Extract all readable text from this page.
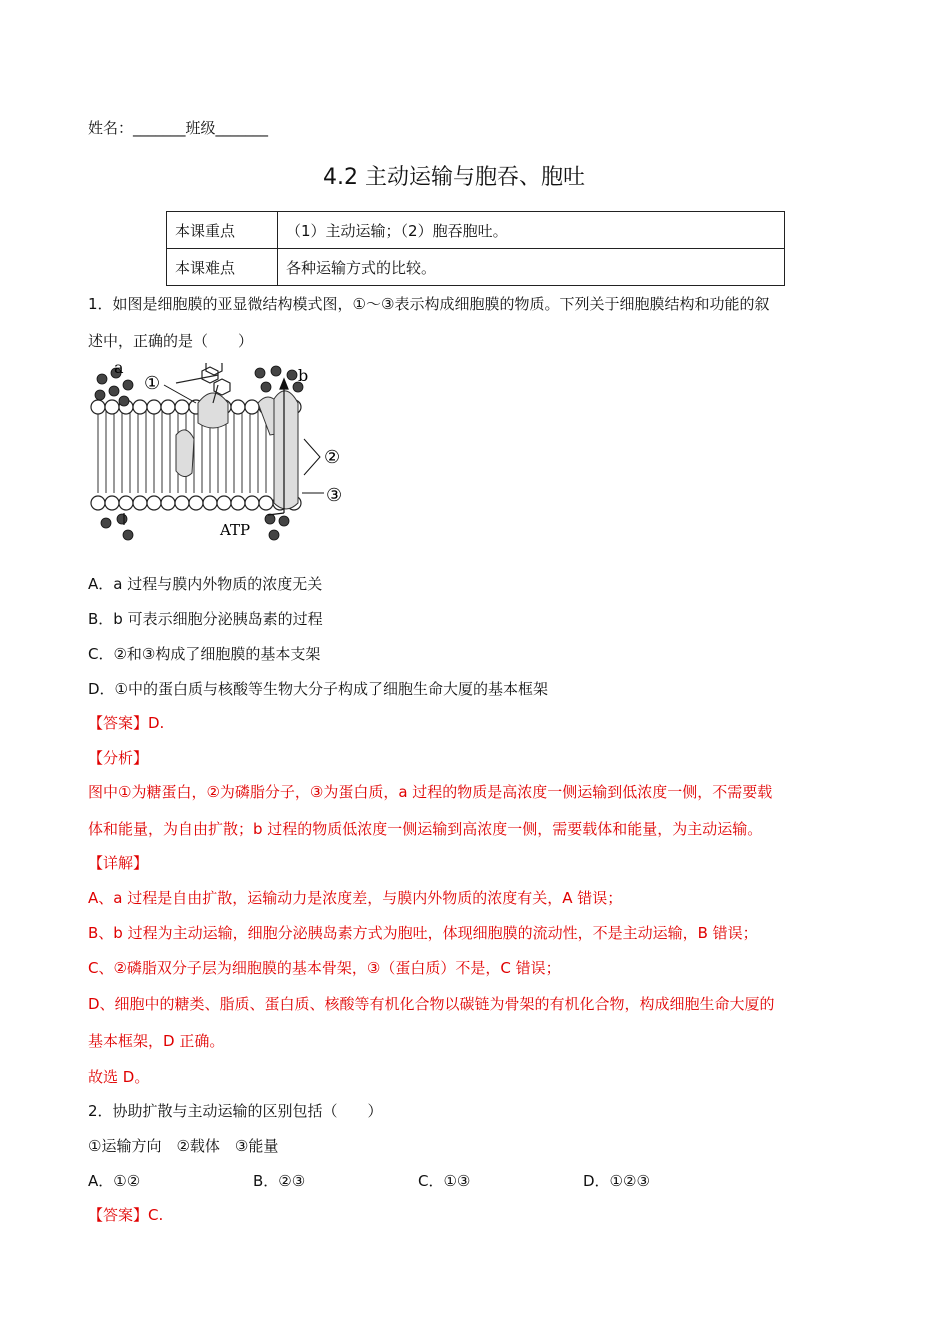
姓名：_______班级_______
4.2 主动运输与胞吞、胞吐
本课重点	（1）主动运输；（2）胞吞胞吐。
本课难点	各种运输方式的比较。
1．如图是细胞膜的亚显微结构模式图，①～③表示构成细胞膜的物质。下列关于细胞膜结构和功能的叙
述中，正确的是（　　）
a	b
①
②
③
ATP
A．a 过程与膜内外物质的浓度无关
B．b 可表示细胞分泌胰岛素的过程
C．②和③构成了细胞膜的基本支架
D．①中的蛋白质与核酸等生物大分子构成了细胞生命大厦的基本框架
【答案】D.
【分析】
图中①为糖蛋白，②为磷脂分子，③为蛋白质，a 过程的物质是高浓度一侧运输到低浓度一侧，不需要载
体和能量，为自由扩散；b 过程的物质低浓度一侧运输到高浓度一侧，需要载体和能量，为主动运输。
【详解】
A、a 过程是自由扩散，运输动力是浓度差，与膜内外物质的浓度有关，A 错误；
B、b 过程为主动运输，细胞分泌胰岛素方式为胞吐，体现细胞膜的流动性，不是主动运输，B 错误；
C、②磷脂双分子层为细胞膜的基本骨架，③（蛋白质）不是，C 错误；
D、细胞中的糖类、脂质、蛋白质、核酸等有机化合物以碳链为骨架的有机化合物，构成细胞生命大厦的
基本框架，D 正确。
故选 D。
2．协助扩散与主动运输的区别包括（　　）
①运输方向　②载体　③能量
A．①②	B．②③	C．①③	D．①②③
【答案】C.
